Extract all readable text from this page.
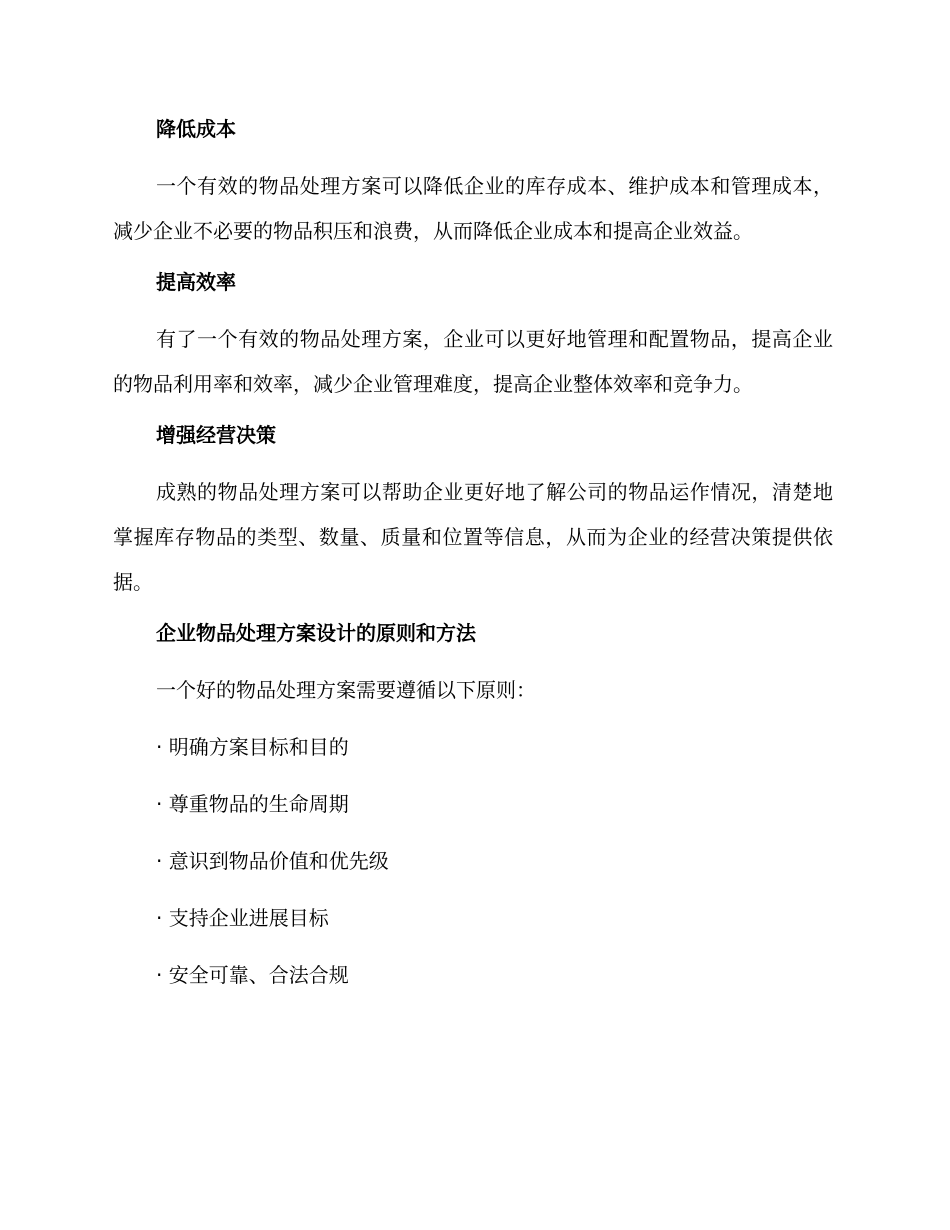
降低成本

一个有效的物品处理方案可以降低企业的库存成本、维护成本和管理成本，减少企业不必要的物品积压和浪费，从而降低企业成本和提高企业效益。

提高效率

有了一个有效的物品处理方案，企业可以更好地管理和配置物品，提高企业的物品利用率和效率，减少企业管理难度，提高企业整体效率和竞争力。

增强经营决策

成熟的物品处理方案可以帮助企业更好地了解公司的物品运作情况，清楚地掌握库存物品的类型、数量、质量和位置等信息，从而为企业的经营决策提供依据。

企业物品处理方案设计的原则和方法

一个好的物品处理方案需要遵循以下原则：

· 明确方案目标和目的

· 尊重物品的生命周期

· 意识到物品价值和优先级

· 支持企业进展目标

· 安全可靠、合法合规
